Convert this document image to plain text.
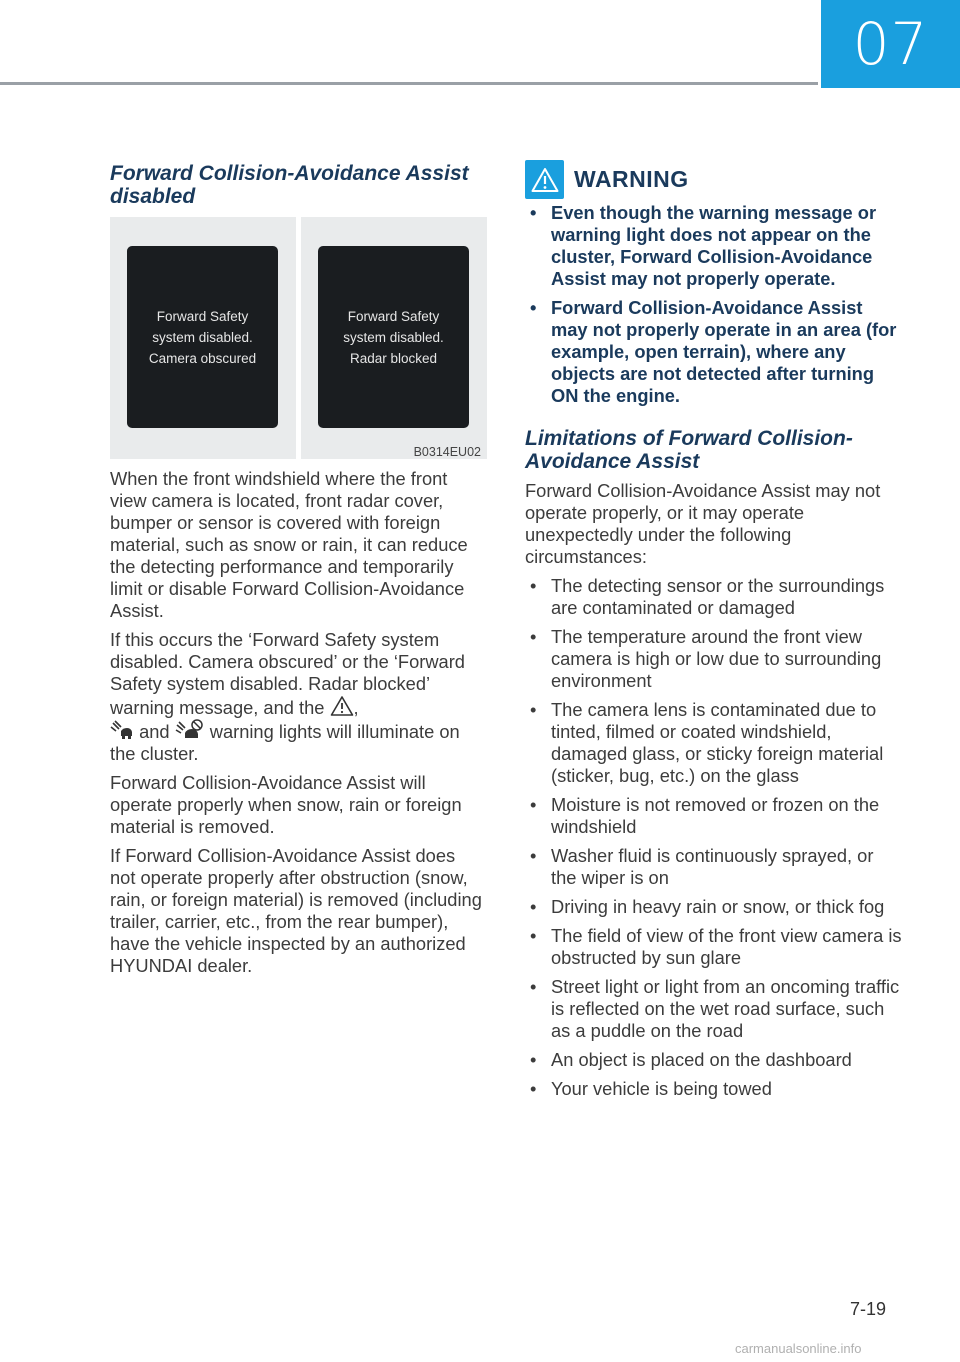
07
Forward Collision-Avoidance Assist disabled
Forward Safety
system disabled.
Camera obscured
Forward Safety
system disabled.
Radar blocked
B0314EU02

When the front windshield where the front view camera is located, front radar cover, bumper or sensor is covered with foreign material, such as snow or rain, it can reduce the detecting performance and temporarily limit or disable Forward Collision-Avoidance Assist.

If this occurs the ‘Forward Safety system disabled. Camera obscured’ or the ‘Forward Safety system disabled. Radar blocked’ warning message, and the ,
and  warning lights will illuminate on the cluster.

Forward Collision-Avoidance Assist will operate properly when snow, rain or foreign material is removed.

If Forward Collision-Avoidance Assist does not operate properly after obstruction (snow, rain, or foreign material) is removed (including trailer, carrier, etc., from the rear bumper), have the vehicle inspected by an authorized HYUNDAI dealer.

WARNING
• Even though the warning message or warning light does not appear on the cluster, Forward Collision-Avoidance Assist may not properly operate.
• Forward Collision-Avoidance Assist may not properly operate in an area (for example, open terrain), where any objects are not detected after turning ON the engine.
Limitations of Forward Collision-Avoidance Assist

Forward Collision-Avoidance Assist may not operate properly, or it may operate unexpectedly under the following circumstances:

• The detecting sensor or the surroundings are contaminated or damaged
• The temperature around the front view camera is high or low due to surrounding environment
• The camera lens is contaminated due to tinted, filmed or coated windshield, damaged glass, or sticky foreign material (sticker, bug, etc.) on the glass
• Moisture is not removed or frozen on the windshield
• Washer fluid is continuously sprayed, or the wiper is on
• Driving in heavy rain or snow, or thick fog
• The field of view of the front view camera is obstructed by sun glare
• Street light or light from an oncoming traffic is reflected on the wet road surface, such as a puddle on the road
• An object is placed on the dashboard
• Your vehicle is being towed
7-19
carmanualsonline.info
